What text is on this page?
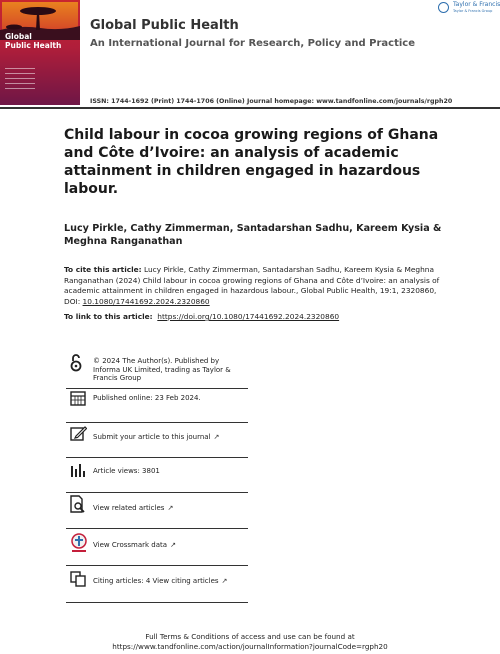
Global
Public Health
Global Public Health
An International Journal for Research, Policy and Practice
Taylor & Francis
Taylor & Francis Group
ISSN: 1744-1692 (Print) 1744-1706 (Online) Journal homepage: www.tandfonline.com/journals/rgph20
Child labour in cocoa growing regions of Ghana and Côte d’Ivoire: an analysis of academic attainment in children engaged in hazardous labour.
Lucy Pirkle, Cathy Zimmerman, Santadarshan Sadhu, Kareem Kysia & Meghna Ranganathan
To cite this article: Lucy Pirkle, Cathy Zimmerman, Santadarshan Sadhu, Kareem Kysia & Meghna Ranganathan (2024) Child labour in cocoa growing regions of Ghana and Côte d’Ivoire: an analysis of academic attainment in children engaged in hazardous labour., Global Public Health, 19:1, 2320860, DOI: 10.1080/17441692.2024.2320860
To link to this article: https://doi.org/10.1080/17441692.2024.2320860
© 2024 The Author(s). Published by Informa UK Limited, trading as Taylor & Francis Group
Published online: 23 Feb 2024.
Submit your article to this journal ↗
Article views: 3801
View related articles ↗
View Crossmark data ↗
Citing articles: 4 View citing articles ↗
Full Terms & Conditions of access and use can be found at
https://www.tandfonline.com/action/journalInformation?journalCode=rgph20
